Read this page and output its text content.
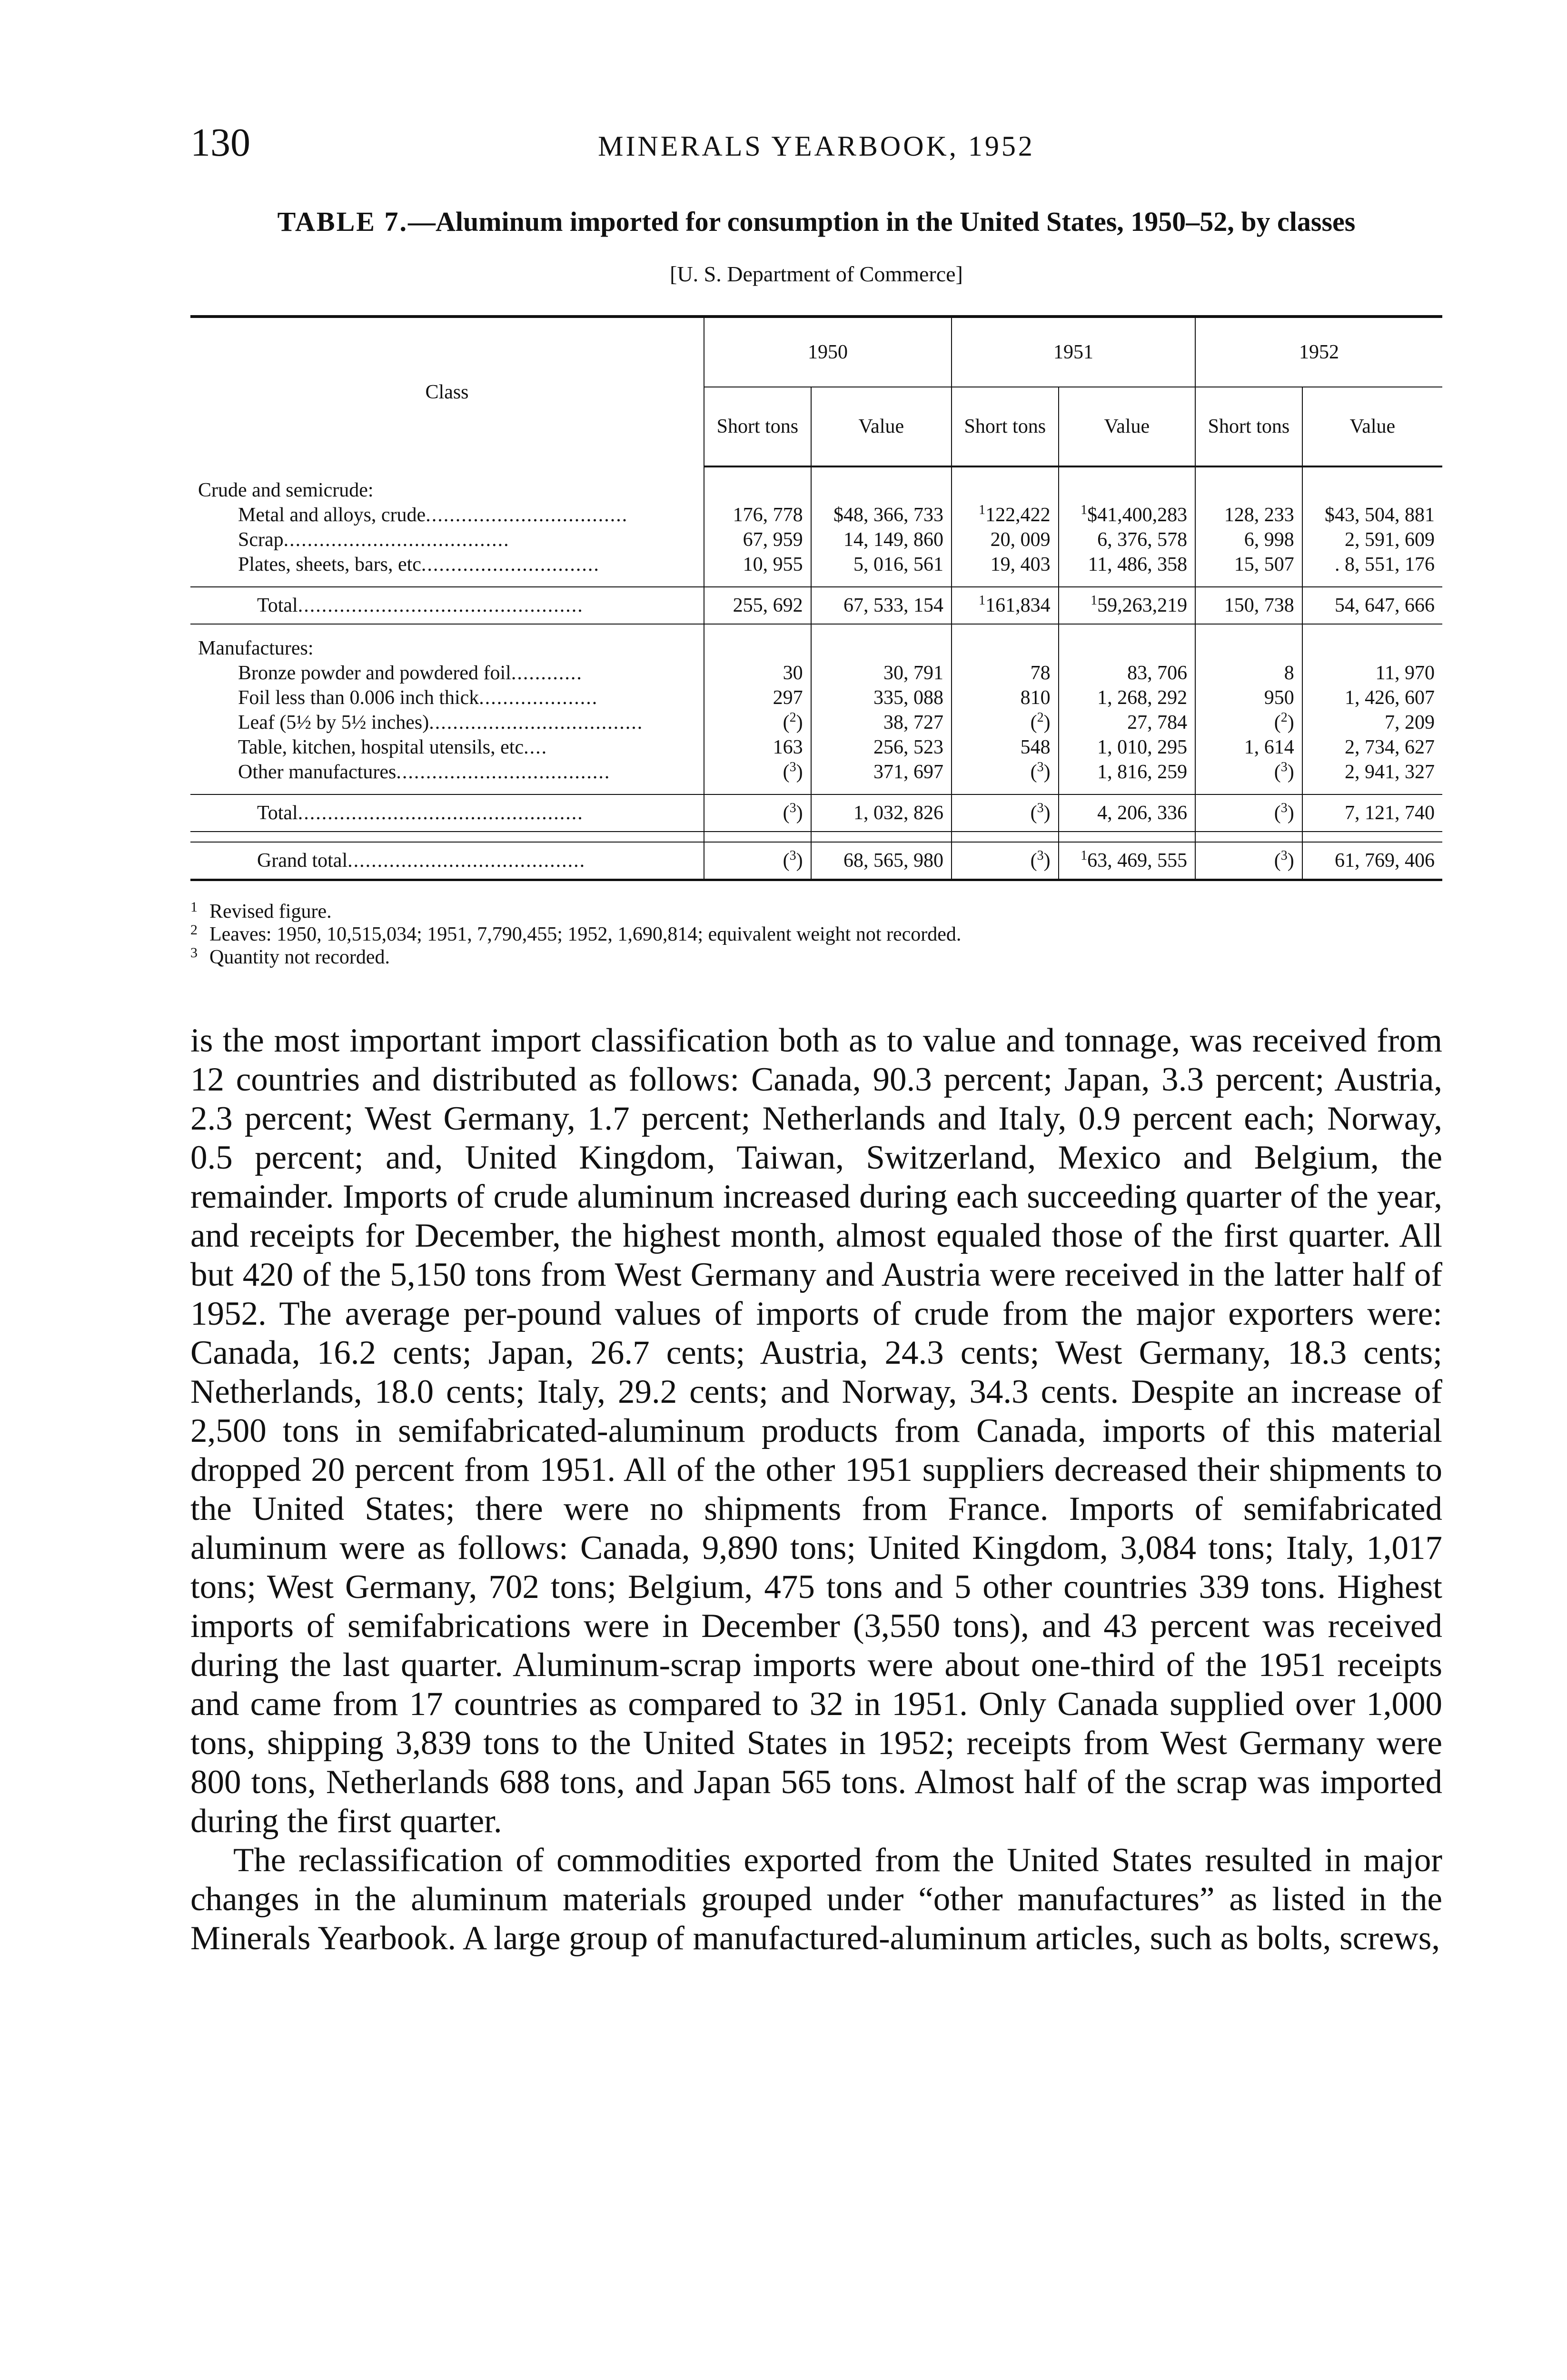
130	MINERALS YEARBOOK, 1952
TABLE 7.—Aluminum imported for consumption in the United States, 1950–52, by classes
[U. S. Department of Commerce]
Class	1950		1951		1952	
	Short tons	Value	Short tons	Value	Short tons	Value
Crude and semicrude:						
Metal and alloys, crude..................................	176, 778	$48, 366, 733	$^1$122,422	$^1$\$41,400,283	128, 233	$43, 504, 881
Scrap......................................	67, 959	14, 149, 860	20, 009	6, 376, 578	6, 998	2, 591, 609
Plates, sheets, bars, etc..............................	10, 955	5, 016, 561	19, 403	11, 486, 358	15, 507	. 8, 551, 176

Total................................................	255, 692	67, 533, 154	$^1$161,834	$^1$59,263,219	150, 738	54, 647, 666
Manufactures:						
Bronze powder and powdered foil............	30	30, 791	78	83, 706	8	11, 970
Foil less than 0.006 inch thick....................	297	335, 088	810	1, 268, 292	950	1, 426, 607
Leaf (5½ by 5½ inches)....................................	($^2$)	38, 727	($^2$)	27, 784	($^2$)	7, 209
Table, kitchen, hospital utensils, etc....	163	256, 523	548	1, 010, 295	1, 614	2, 734, 627
Other manufactures....................................	($^3$)	371, 697	($^3$)	1, 816, 259	($^3$)	2, 941, 327

Total................................................	($^3$)	1, 032, 826	($^3$)	4, 206, 336	($^3$)	7, 121, 740

Grand total........................................	($^3$)	68, 565, 980	($^3$)	$^1$63, 469, 555	($^3$)	61, 769, 406
1 Revised figure.
2 Leaves: 1950, 10,515,034; 1951, 7,790,455; 1952, 1,690,814; equivalent weight not recorded.
3 Quantity not recorded.

is the most important import classification both as to value and tonnage, was received from 12 countries and distributed as follows: Canada, 90.3 percent; Japan, 3.3 percent; Austria, 2.3 percent; West Germany, 1.7 percent; Netherlands and Italy, 0.9 percent each; Norway, 0.5 percent; and, United Kingdom, Taiwan, Switzerland, Mexico and Belgium, the remainder. Imports of crude aluminum increased during each succeeding quarter of the year, and receipts for December, the highest month, almost equaled those of the first quarter. All but 420 of the 5,150 tons from West Germany and Austria were received in the latter half of 1952. The average per-pound values of imports of crude from the major exporters were: Canada, 16.2 cents; Japan, 26.7 cents; Austria, 24.3 cents; West Germany, 18.3 cents; Netherlands, 18.0 cents; Italy, 29.2 cents; and Norway, 34.3 cents. Despite an increase of 2,500 tons in semifabricated-aluminum products from Canada, imports of this material dropped 20 percent from 1951. All of the other 1951 suppliers decreased their shipments to the United States; there were no shipments from France. Imports of semifabricated aluminum were as follows: Canada, 9,890 tons; United Kingdom, 3,084 tons; Italy, 1,017 tons; West Germany, 702 tons; Belgium, 475 tons and 5 other countries 339 tons. Highest imports of semifabrications were in December (3,550 tons), and 43 percent was received during the last quarter. Aluminum-scrap imports were about one-third of the 1951 receipts and came from 17 countries as compared to 32 in 1951. Only Canada supplied over 1,000 tons, shipping 3,839 tons to the United States in 1952; receipts from West Germany were 800 tons, Netherlands 688 tons, and Japan 565 tons. Almost half of the scrap was imported during the first quarter.

The reclassification of commodities exported from the United States resulted in major changes in the aluminum materials grouped under “other manufactures” as listed in the Minerals Yearbook. A large group of manufactured-aluminum articles, such as bolts, screws,
